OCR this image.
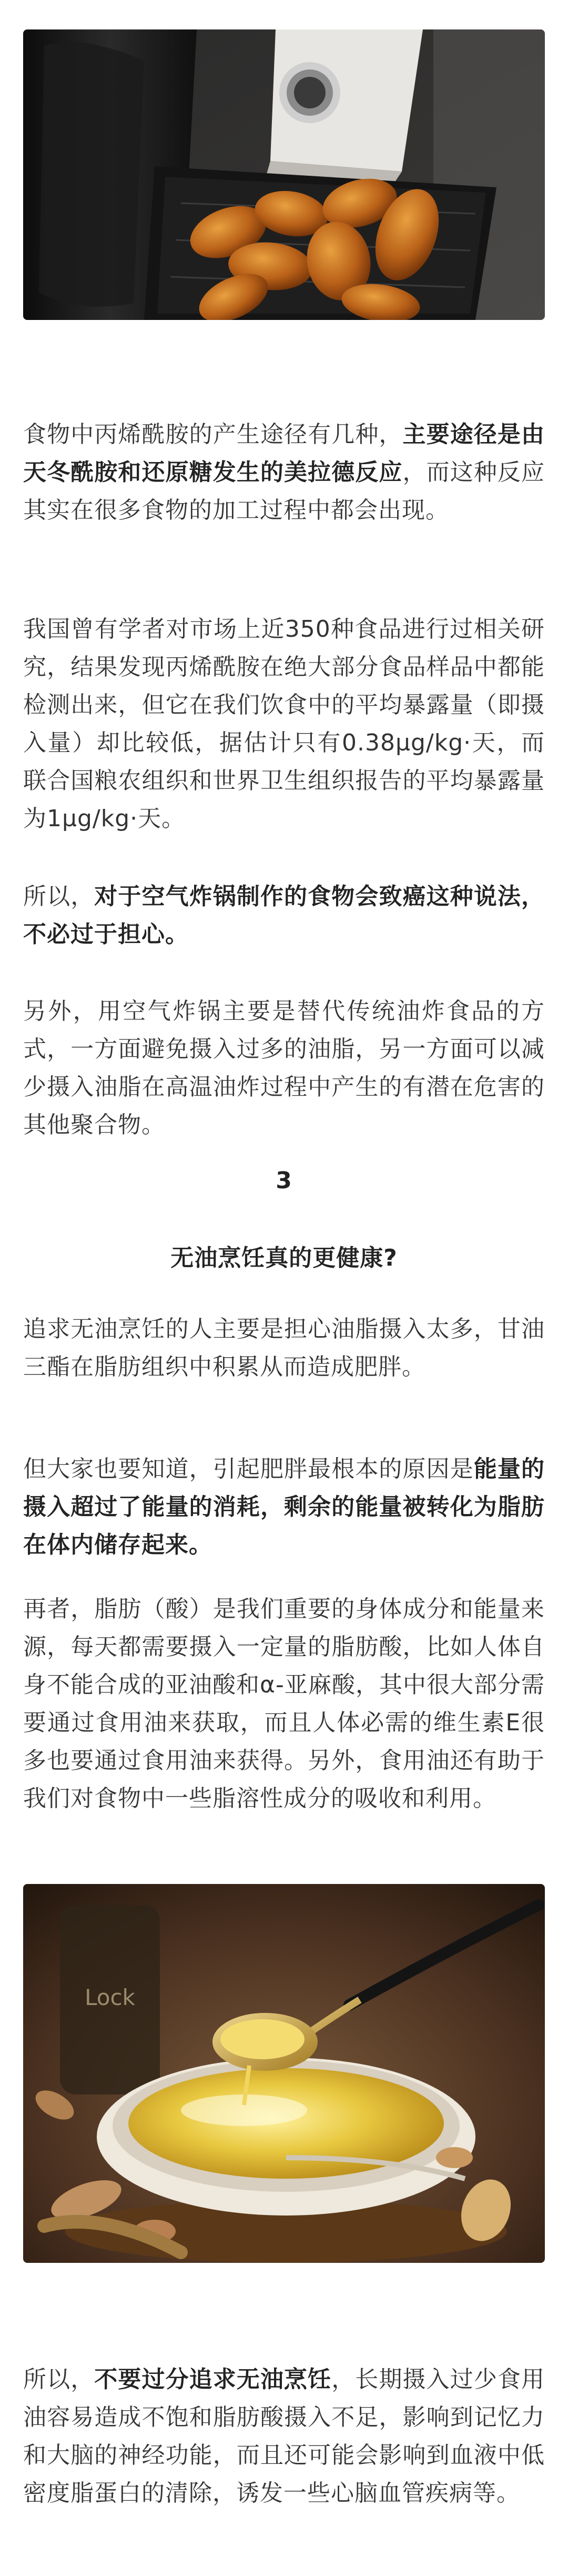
食物中丙烯酰胺的产生途径有几种，主要途径是由天冬酰胺和还原糖发生的美拉德反应，而这种反应其实在很多食物的加工过程中都会出现。

我国曾有学者对市场上近350种食品进行过相关研究，结果发现丙烯酰胺在绝大部分食品样品中都能检测出来，但它在我们饮食中的平均暴露量（即摄入量）却比较低，据估计只有0.38μg/kg·天，而联合国粮农组织和世界卫生组织报告的平均暴露量为1μg/kg·天。

所以，对于空气炸锅制作的食物会致癌这种说法，不必过于担心。

另外，用空气炸锅主要是替代传统油炸食品的方式，一方面避免摄入过多的油脂，另一方面可以减少摄入油脂在高温油炸过程中产生的有潜在危害的其他聚合物。

3

无油烹饪真的更健康?

追求无油烹饪的人主要是担心油脂摄入太多，甘油三酯在脂肪组织中积累从而造成肥胖。

但大家也要知道，引起肥胖最根本的原因是能量的摄入超过了能量的消耗，剩余的能量被转化为脂肪在体内储存起来。

再者，脂肪（酸）是我们重要的身体成分和能量来源，每天都需要摄入一定量的脂肪酸，比如人体自身不能合成的亚油酸和α-亚麻酸，其中很大部分需要通过食用油来获取，而且人体必需的维生素E很多也要通过食用油来获得。另外，食用油还有助于我们对食物中一些脂溶性成分的吸收和利用。

Lock

所以，不要过分追求无油烹饪，长期摄入过少食用油容易造成不饱和脂肪酸摄入不足，影响到记忆力和大脑的神经功能，而且还可能会影响到血液中低密度脂蛋白的清除，诱发一些心脑血管疾病等。
